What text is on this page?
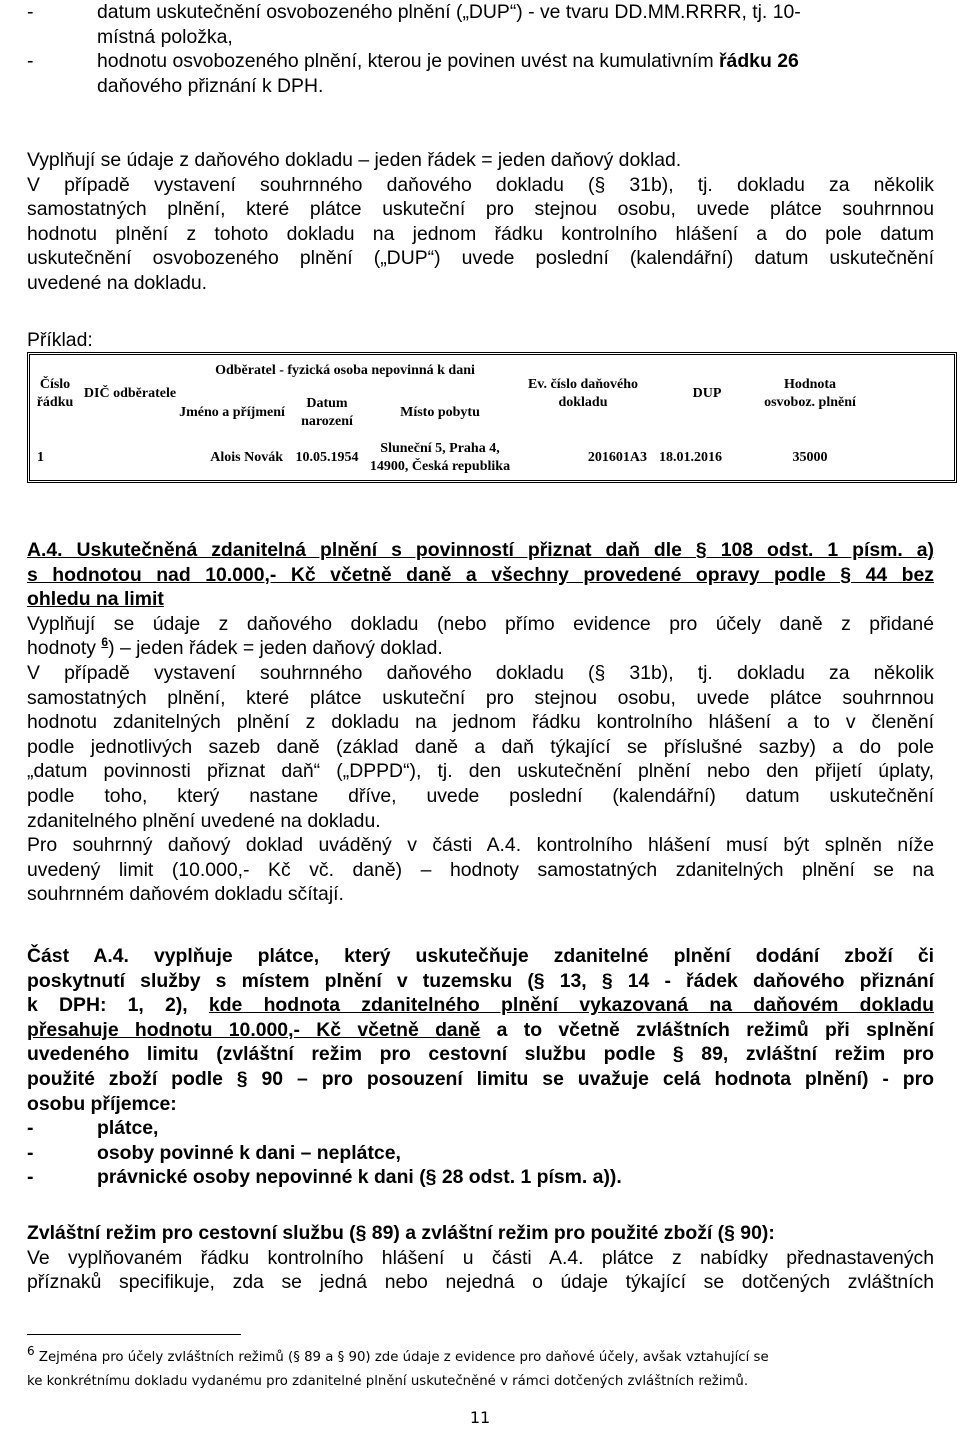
-	datum uskutečnění osvobozeného plnění („DUP“) - ve tvaru DD.MM.RRRR, tj. 10-
místná položka,
-	hodnotu osvobozeného plnění, kterou je povinen uvést na kumulativním řádku 26
daňového přiznání k DPH.
Vyplňují se údaje z daňového dokladu – jeden řádek = jeden daňový doklad.
V případě vystavení souhrnného daňového dokladu (§ 31b), tj. dokladu za několik
samostatných plnění, které plátce uskuteční pro stejnou osobu, uvede plátce souhrnnou
hodnotu plnění z tohoto dokladu na jednom řádku kontrolního hlášení a do pole datum
uskutečnění osvobozeného plnění („DUP“) uvede poslední (kalendářní) datum uskutečnění
uvedené na dokladu.
Příklad:
Číslo řádku	DIČ odběratele	Odběratel - fyzická osoba nepovinná k dani			Ev. číslo daňového dokladu	DUP	Hodnota osvoboz. plnění	
		Jméno a příjmení	Datum narození	Místo pobytu				
1		Alois Novák	10.05.1954	Sluneční 5, Praha 4, 14900, Česká republika	201601A3	18.01.2016	35000	
A.4. Uskutečněná zdanitelná plnění s povinností přiznat daň dle § 108 odst. 1 písm. a)
s hodnotou nad 10.000,- Kč včetně daně a všechny provedené opravy podle § 44 bez
ohledu na limit
Vyplňují se údaje z daňového dokladu (nebo přímo evidence pro účely daně z přidané
hodnoty $^6$) – jeden řádek = jeden daňový doklad.
V případě vystavení souhrnného daňového dokladu (§ 31b), tj. dokladu za několik
samostatných plnění, které plátce uskuteční pro stejnou osobu, uvede plátce souhrnnou
hodnotu zdanitelných plnění z dokladu na jednom řádku kontrolního hlášení a to v členění
podle jednotlivých sazeb daně (základ daně a daň týkající se příslušné sazby) a do pole
„datum povinnosti přiznat daň“ („DPPD“), tj. den uskutečnění plnění nebo den přijetí úplaty,
podle toho, který nastane dříve, uvede poslední (kalendářní) datum uskutečnění
zdanitelného plnění uvedené na dokladu.
Pro souhrnný daňový doklad uváděný v části A.4. kontrolního hlášení musí být splněn níže
uvedený limit (10.000,- Kč vč. daně) – hodnoty samostatných zdanitelných plnění se na
souhrnném daňovém dokladu sčítají.
Část A.4. vyplňuje plátce, který uskutečňuje zdanitelné plnění dodání zboží či
poskytnutí služby s místem plnění v tuzemsku (§ 13, § 14 - řádek daňového přiznání
k DPH: 1, 2), kde hodnota zdanitelného plnění vykazovaná na daňovém dokladu
přesahuje hodnotu 10.000,- Kč včetně daně a to včetně zvláštních režimů při splnění
uvedeného limitu (zvláštní režim pro cestovní službu podle § 89, zvláštní režim pro
použité zboží podle § 90 – pro posouzení limitu se uvažuje celá hodnota plnění) - pro
osobu příjemce:
-	plátce,
-	osoby povinné k dani – neplátce,
-	právnické osoby nepovinné k dani (§ 28 odst. 1 písm. a)).
Zvláštní režim pro cestovní službu (§ 89) a zvláštní režim pro použité zboží (§ 90):
Ve vyplňovaném řádku kontrolního hlášení u části A.4. plátce z nabídky přednastavených
příznaků specifikuje, zda se jedná nebo nejedná o údaje týkající se dotčených zvláštních
$^6$ Zejména pro účely zvláštních režimů (§ 89 a § 90) zde údaje z evidence pro daňové účely, avšak vztahující se
ke konkrétnímu dokladu vydanému pro zdanitelné plnění uskutečněné v rámci dotčených zvláštních režimů.
11
